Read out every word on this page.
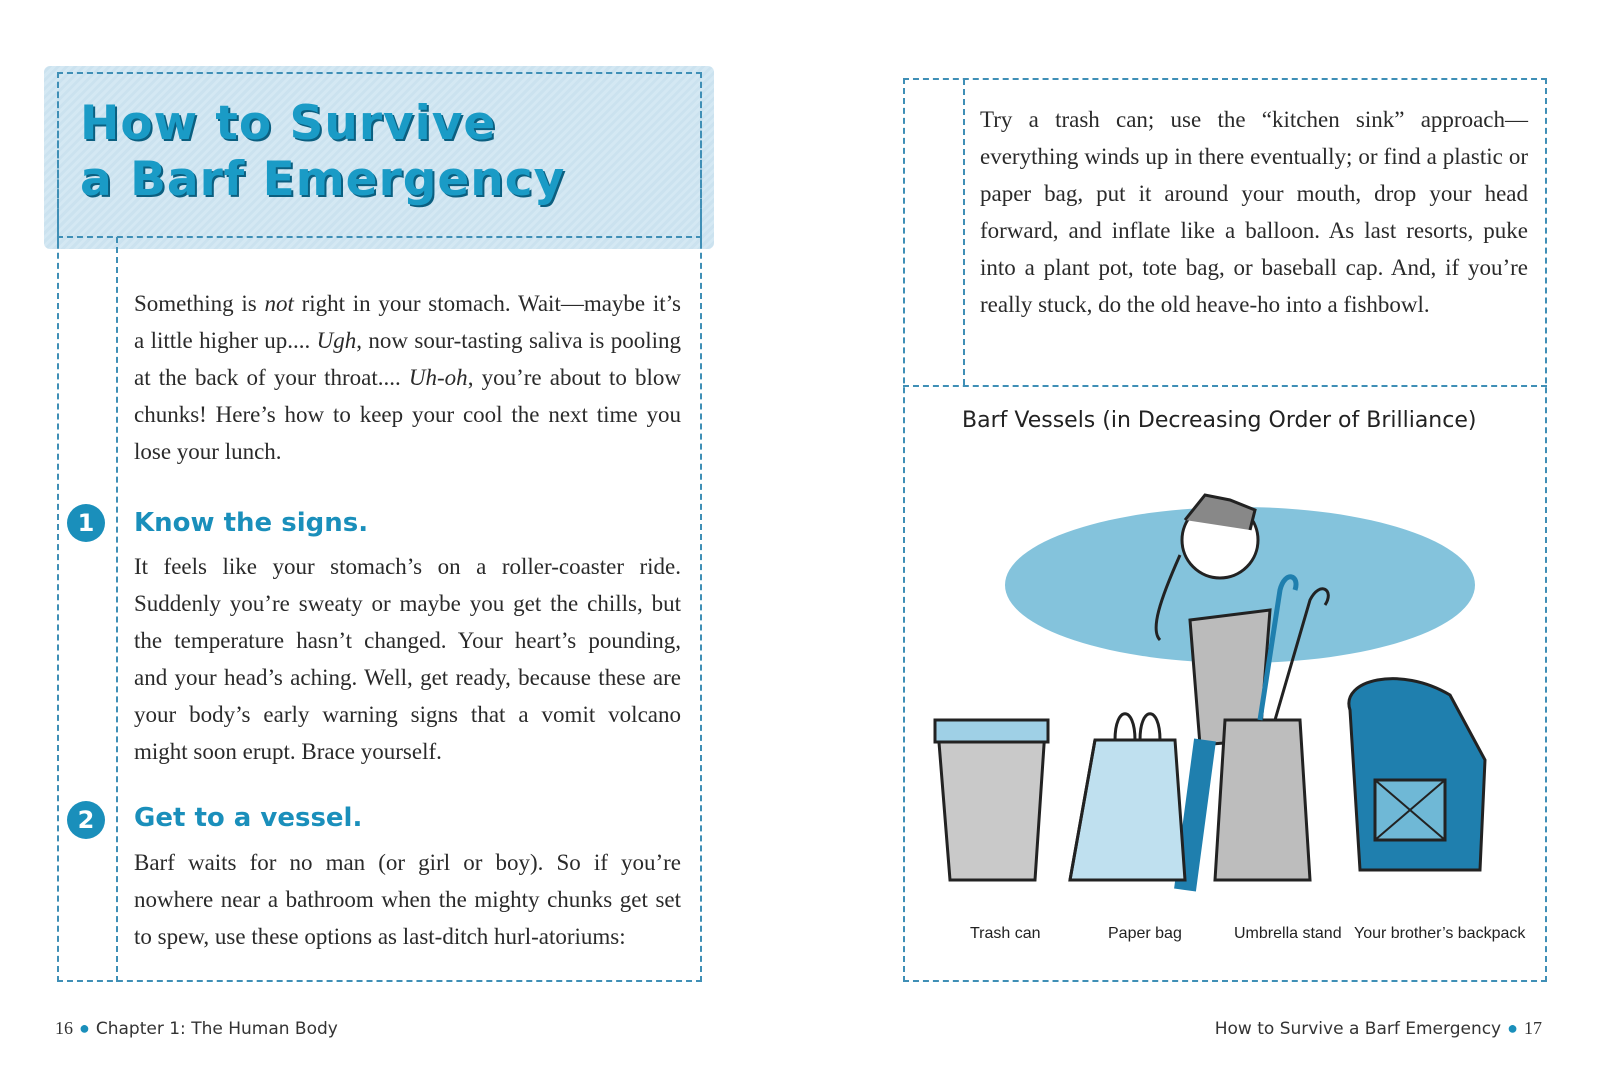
How to Survive
a Barf Emergency

Something is not right in your stomach. Wait—maybe it’s a little higher up.... Ugh, now sour-tasting saliva is pooling at the back of your throat.... Uh-oh, you’re about to blow chunks! Here’s how to keep your cool the next time you lose your lunch.

1	Know the signs.

It feels like your stomach’s on a roller-coaster ride. Suddenly you’re sweaty or maybe you get the chills, but the temperature hasn’t changed. Your heart’s pounding, and your head’s aching. Well, get ready, because these are your body’s early warning signs that a vomit volcano might soon erupt. Brace yourself.

2	Get to a vessel.

Barf waits for no man (or girl or boy). So if you’re nowhere near a bathroom when the mighty chunks get set to spew, use these options as last-ditch hurl-atoriums:

16 ● Chapter 1: The Human Body

Try a trash can; use the “kitchen sink” approach—everything winds up in there eventually; or find a plastic or paper bag, put it around your mouth, drop your head forward, and inflate like a balloon. As last resorts, puke into a plant pot, tote bag, or baseball cap. And, if you’re really stuck, do the old heave-ho into a fishbowl.

Barf Vessels (in Decreasing Order of Brilliance)

Trash can	Paper bag	Umbrella stand Your brother’s backpack
How to Survive a Barf Emergency ● 17
